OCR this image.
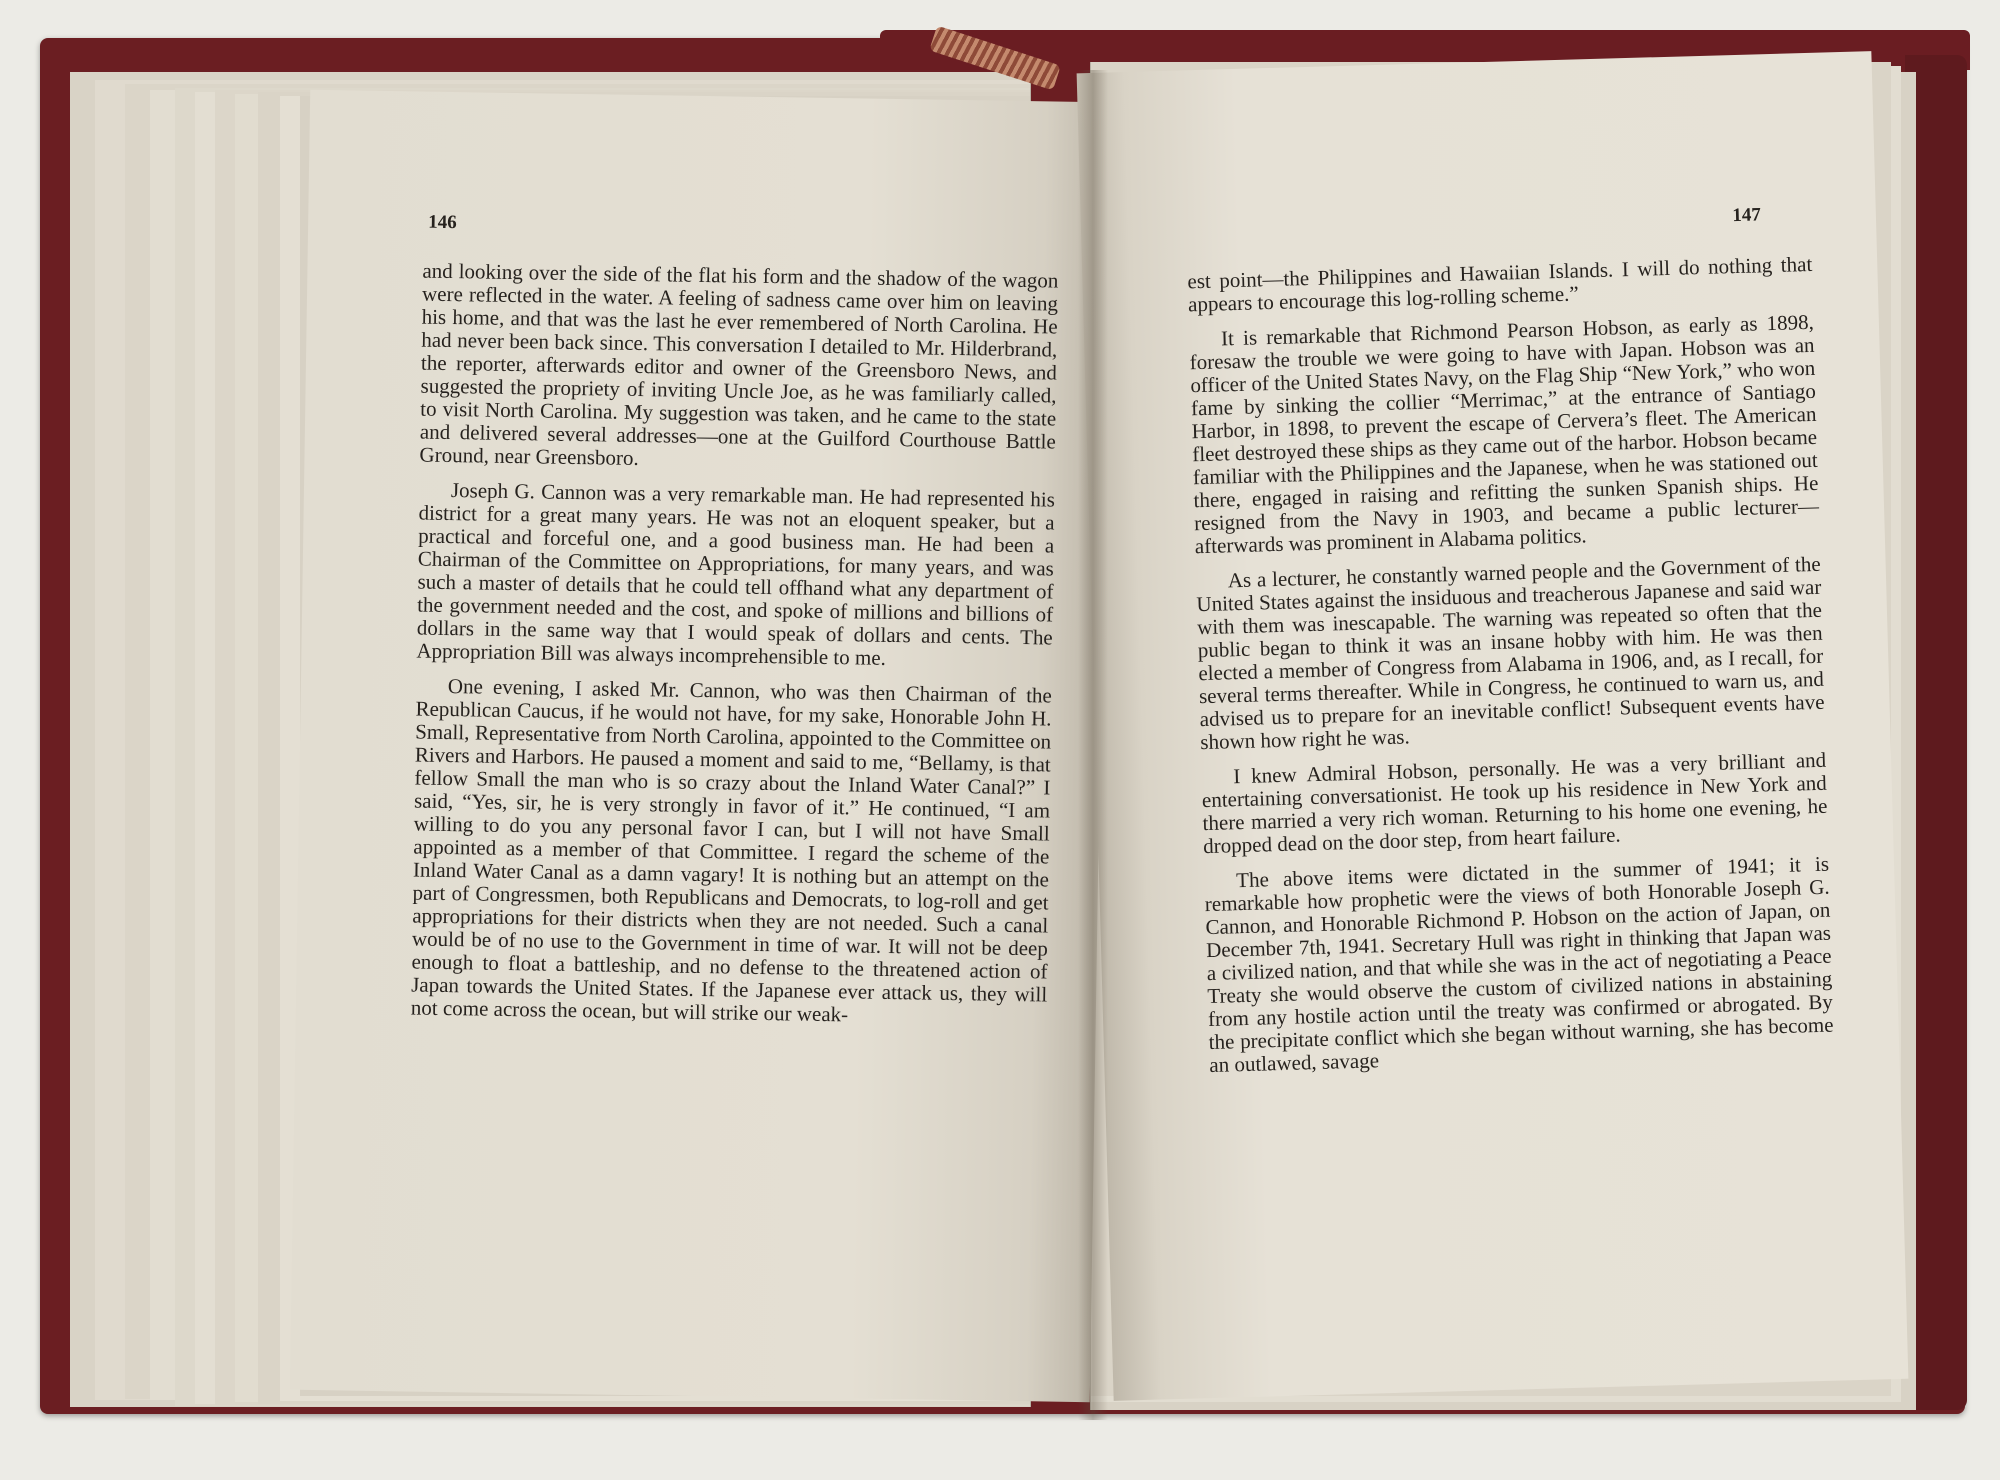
146

and looking over the side of the flat his form and the shadow of the wagon were reflected in the water. A feeling of sadness came over him on leaving his home, and that was the last he ever remembered of North Carolina. He had never been back since. This conversation I detailed to Mr. Hilderbrand, the reporter, afterwards editor and owner of the Greensboro News, and suggested the propriety of inviting Uncle Joe, as he was familiarly called, to visit North Carolina. My suggestion was taken, and he came to the state and delivered several addresses—one at the Guilford Courthouse Battle Ground, near Greensboro.

Joseph G. Cannon was a very remarkable man. He had represented his district for a great many years. He was not an eloquent speaker, but a practical and forceful one, and a good business man. He had been a Chairman of the Committee on Appropriations, for many years, and was such a master of details that he could tell offhand what any department of the government needed and the cost, and spoke of millions and billions of dollars in the same way that I would speak of dollars and cents. The Appropriation Bill was always incomprehensible to me.

One evening, I asked Mr. Cannon, who was then Chairman of the Republican Caucus, if he would not have, for my sake, Honorable John H. Small, Representative from North Carolina, appointed to the Committee on Rivers and Harbors. He paused a moment and said to me, “Bellamy, is that fellow Small the man who is so crazy about the Inland Water Canal?” I said, “Yes, sir, he is very strongly in favor of it.” He continued, “I am willing to do you any personal favor I can, but I will not have Small appointed as a member of that Committee. I regard the scheme of the Inland Water Canal as a damn vagary! It is nothing but an attempt on the part of Congressmen, both Republicans and Democrats, to log-roll and get appropriations for their districts when they are not needed. Such a canal would be of no use to the Government in time of war. It will not be deep enough to float a battleship, and no defense to the threatened action of Japan towards the United States. If the Japanese ever attack us, they will not come across the ocean, but will strike our weak-

147

est point—the Philippines and Hawaiian Islands. I will do nothing that appears to encourage this log-rolling scheme.”

It is remarkable that Richmond Pearson Hobson, as early as 1898, foresaw the trouble we were going to have with Japan. Hobson was an officer of the United States Navy, on the Flag Ship “New York,” who won fame by sinking the collier “Merrimac,” at the entrance of Santiago Harbor, in 1898, to prevent the escape of Cervera’s fleet. The American fleet destroyed these ships as they came out of the harbor. Hobson became familiar with the Philippines and the Japanese, when he was stationed out there, engaged in raising and refitting the sunken Spanish ships. He resigned from the Navy in 1903, and became a public lecturer—afterwards was prominent in Alabama politics.

As a lecturer, he constantly warned people and the Government of the United States against the insiduous and treacherous Japanese and said war with them was inescapable. The warning was repeated so often that the public began to think it was an insane hobby with him. He was then elected a member of Congress from Alabama in 1906, and, as I recall, for several terms thereafter. While in Congress, he continued to warn us, and advised us to prepare for an inevitable conflict! Subsequent events have shown how right he was.

I knew Admiral Hobson, personally. He was a very brilliant and entertaining conversationist. He took up his residence in New York and there married a very rich woman. Returning to his home one evening, he dropped dead on the door step, from heart failure.

The above items were dictated in the summer of 1941; it is remarkable how prophetic were the views of both Honorable Joseph G. Cannon, and Honorable Richmond P. Hobson on the action of Japan, on December 7th, 1941. Secretary Hull was right in thinking that Japan was a civilized nation, and that while she was in the act of negotiating a Peace Treaty she would observe the custom of civilized nations in abstaining from any hostile action until the treaty was confirmed or abrogated. By the precipitate conflict which she began without warning, she has become an outlawed, savage
